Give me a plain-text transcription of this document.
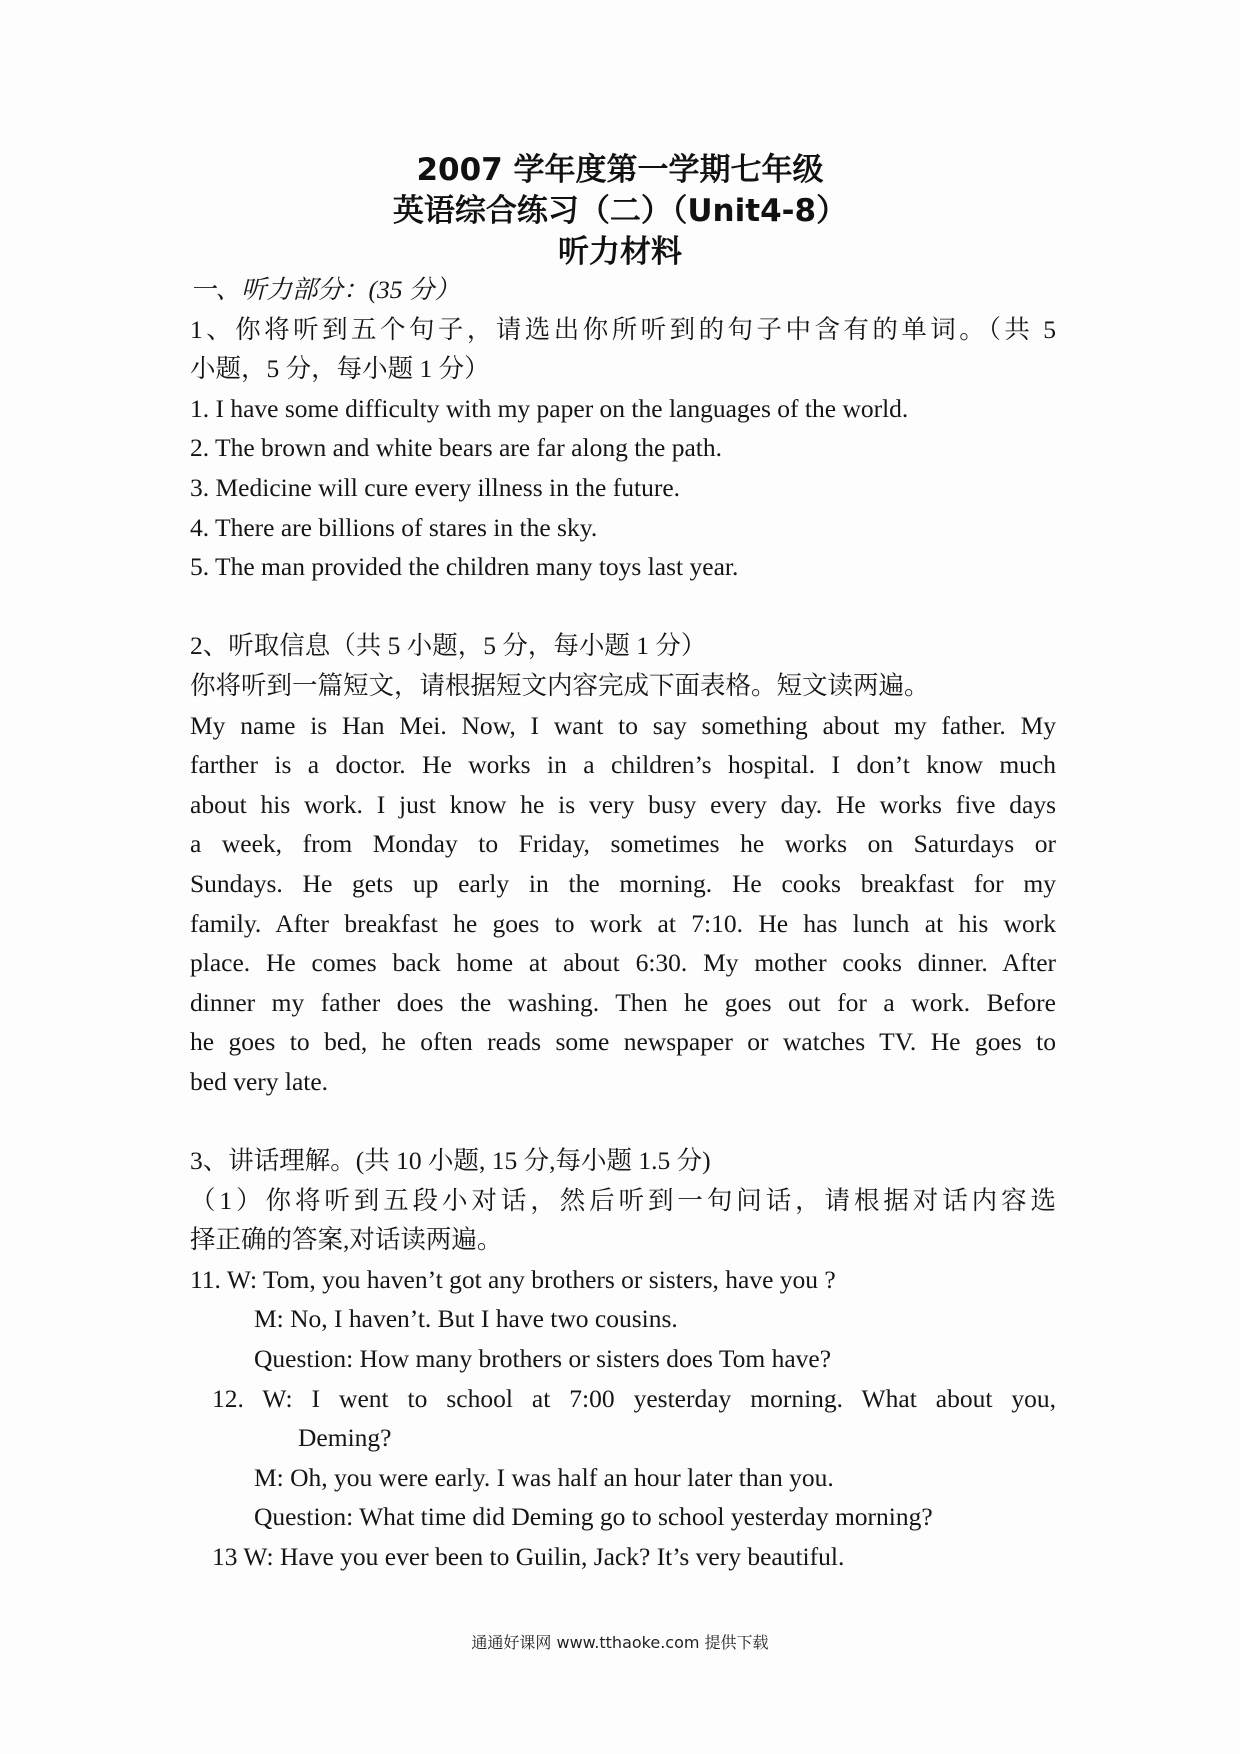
2007 学年度第一学期七年级
英语综合练习（二）（Unit4-8）
听力材料
一、听力部分：(35 分）
1、你将听到五个句子，请选出你所听到的句子中含有的单词。（共 5
小题，5 分，每小题 1 分）
1. I have some difficulty with my paper on the languages of the world.
2. The brown and white bears are far along the path.
3. Medicine will cure every illness in the future.
4. There are billions of stares in the sky.
5. The man provided the children many toys last year.
2、听取信息（共 5 小题，5 分，每小题 1 分）
你将听到一篇短文，请根据短文内容完成下面表格。短文读两遍。
My name is Han Mei. Now, I want to say something about my father. My
farther is a doctor. He works in a children’s hospital. I don’t know much
about his work. I just know he is very busy every day. He works five days
a week, from Monday to Friday, sometimes he works on Saturdays or
Sundays. He gets up early in the morning. He cooks breakfast for my
family. After breakfast he goes to work at 7:10. He has lunch at his work
place. He comes back home at about 6:30. My mother cooks dinner. After
dinner my father does the washing. Then he goes out for a work. Before
he goes to bed, he often reads some newspaper or watches TV. He goes to
bed very late.
3、讲话理解。(共 10 小题, 15 分,每小题 1.5 分)
（1）你将听到五段小对话，然后听到一句问话，请根据对话内容选
择正确的答案,对话读两遍。
11. W: Tom, you haven’t got any brothers or sisters, have you ?
M: No, I haven’t. But I have two cousins.
Question: How many brothers or sisters does Tom have?
12. W: I went to school at 7:00 yesterday morning. What about you,
Deming?
M: Oh, you were early. I was half an hour later than you.
Question: What time did Deming go to school yesterday morning?
13 W: Have you ever been to Guilin, Jack? It’s very beautiful.
通通好课网 www.tthaoke.com 提供下载
